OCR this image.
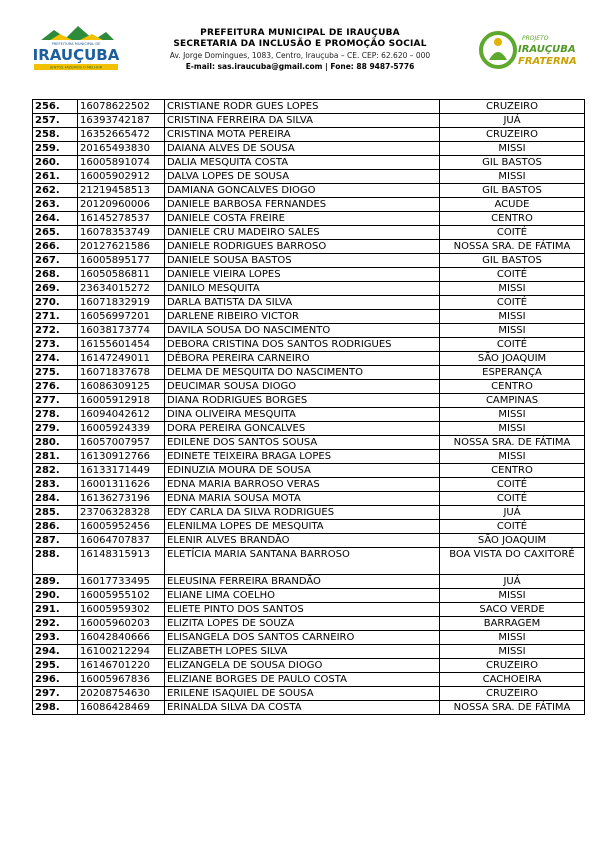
PREFEITURA MUNICIPAL DE
IRAUÇUBA
JUNTOS FAZEMOS O MELHOR
PREFEITURA MUNICIPAL DE IRAUÇUBA
SECRETARIA DA INCLUSÃO E PROMOÇÃO SOCIAL
Av. Jorge Domingues, 1083, Centro, Irauçuba – CE. CEP: 62.620 – 000
E-mail: sas.iraucuba@gmail.com | Fone: 88 9487-5776
PROJETO
IRAUÇUBA
FRATERNA
256.	16078622502	CRISTIANE RODR GUES LOPES	CRUZEIRO
257.	16393742187	CRISTINA FERREIRA DA SILVA	JUÁ
258.	16352665472	CRISTINA MOTA PEREIRA	CRUZEIRO
259.	20165493830	DAIANA ALVES DE SOUSA	MISSI
260.	16005891074	DALIA MESQUITA COSTA	GIL BASTOS
261.	16005902912	DALVA LOPES DE SOUSA	MISSI
262.	21219458513	DAMIANA GONCALVES DIOGO	GIL BASTOS
263.	20120960006	DANIELE BARBOSA FERNANDES	ACUDE
264.	16145278537	DANIELE COSTA FREIRE	CENTRO
265.	16078353749	DANIELE CRU MADEIRO SALES	COITÉ
266.	20127621586	DANIELE RODRIGUES BARROSO	NOSSA SRA. DE FÁTIMA
267.	16005895177	DANIELE SOUSA BASTOS	GIL BASTOS
268.	16050586811	DANIELE VIEIRA LOPES	COITÉ
269.	23634015272	DANILO MESQUITA	MISSI
270.	16071832919	DARLA BATISTA DA SILVA	COITÉ
271.	16056997201	DARLENE RIBEIRO VICTOR	MISSI
272.	16038173774	DAVILA SOUSA DO NASCIMENTO	MISSI
273.	16155601454	DEBORA CRISTINA DOS SANTOS RODRIGUES	COITÉ
274.	16147249011	DÉBORA PEREIRA CARNEIRO	SÃO JOAQUIM
275.	16071837678	DELMA DE MESQUITA DO NASCIMENTO	ESPERANÇA
276.	16086309125	DEUCIMAR SOUSA DIOGO	CENTRO
277.	16005912918	DIANA RODRIGUES BORGES	CAMPINAS
278.	16094042612	DINA OLIVEIRA MESQUITA	MISSI
279.	16005924339	DORA PEREIRA GONCALVES	MISSI
280.	16057007957	EDILENE DOS SANTOS SOUSA	NOSSA SRA. DE FÁTIMA
281.	16130912766	EDINETE TEIXEIRA BRAGA LOPES	MISSI
282.	16133171449	EDINUZIA MOURA DE SOUSA	CENTRO
283.	16001311626	EDNA MARIA BARROSO VERAS	COITÉ
284.	16136273196	EDNA MARIA SOUSA MOTA	COITÉ
285.	23706328328	EDY CARLA DA SILVA RODRIGUES	JUÁ
286.	16005952456	ELENILMA LOPES DE MESQUITA	COITÉ
287.	16064707837	ELENIR ALVES BRANDÃO	SÃO JOAQUIM
288.	16148315913	ELETÍCIA MARIA SANTANA BARROSO	BOA VISTA DO CAXITORÉ
289.	16017733495	ELEUSINA FERREIRA BRANDÃO	JUÁ
290.	16005955102	ELIANE LIMA COELHO	MISSI
291.	16005959302	ELIETE PINTO DOS SANTOS	SACO VERDE
292.	16005960203	ELIZITA LOPES DE SOUZA	BARRAGEM
293.	16042840666	ELISANGELA DOS SANTOS CARNEIRO	MISSI
294.	16100212294	ELIZABETH LOPES SILVA	MISSI
295.	16146701220	ELIZANGELA DE SOUSA DIOGO	CRUZEIRO
296.	16005967836	ELIZIANE BORGES DE PAULO COSTA	CACHOEIRA
297.	20208754630	ERILENE ISAQUIEL DE SOUSA	CRUZEIRO
298.	16086428469	ERINALDA SILVA DA COSTA	NOSSA SRA. DE FÁTIMA
